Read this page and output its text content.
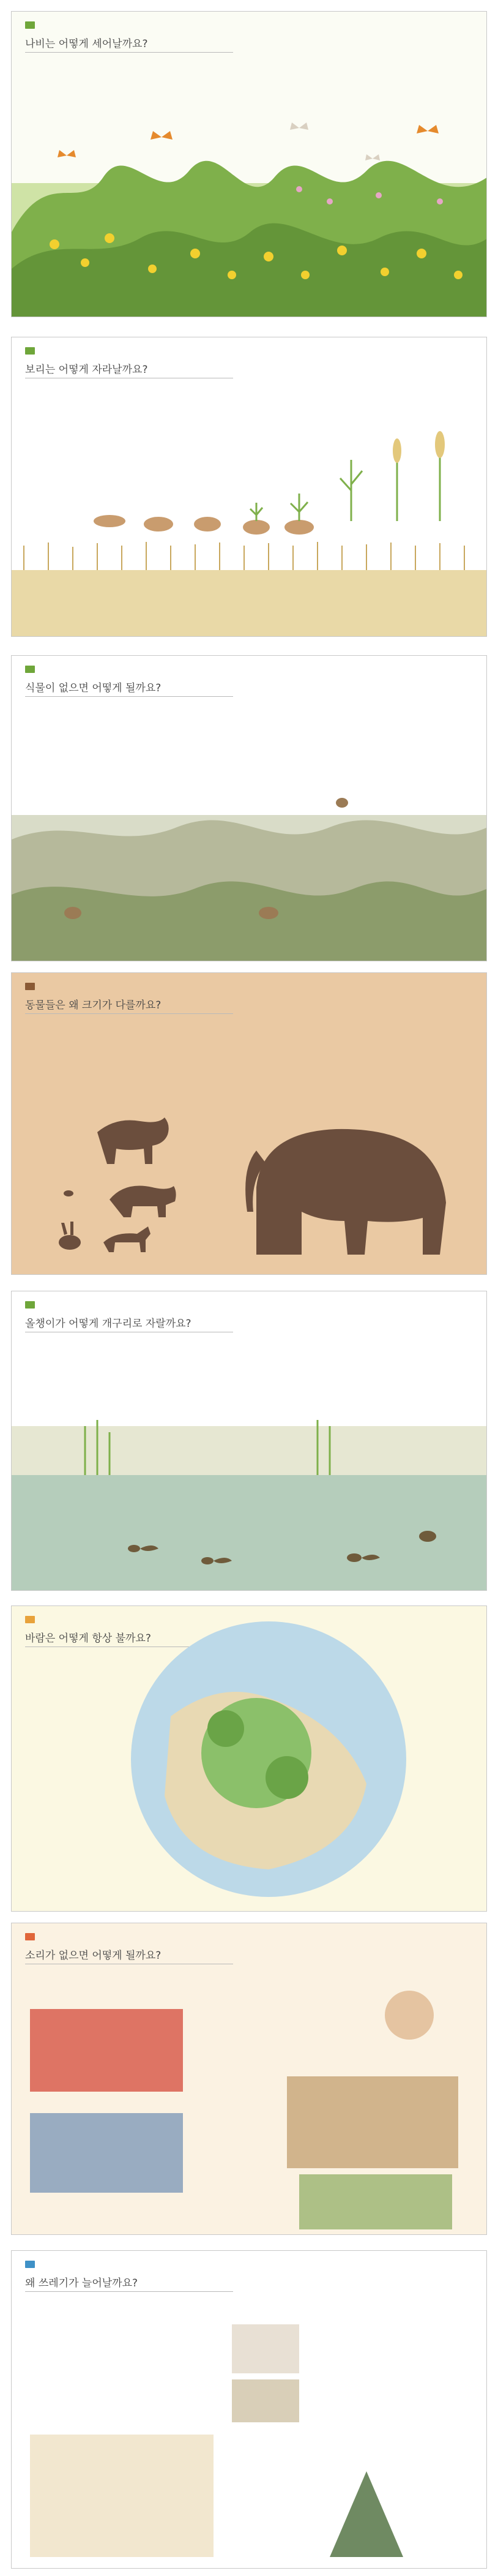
나비는 어떻게 세어날까요?
보리는 어떻게 자라날까요?
식물이 없으면 어떻게 될까요?
동물들은 왜 크기가 다를까요?
올챙이가 어떻게 개구리로 자랄까요?
바람은 어떻게 항상 불까요?
소리가 없으면 어떻게 될까요?
왜 쓰레기가 늘어날까요?
